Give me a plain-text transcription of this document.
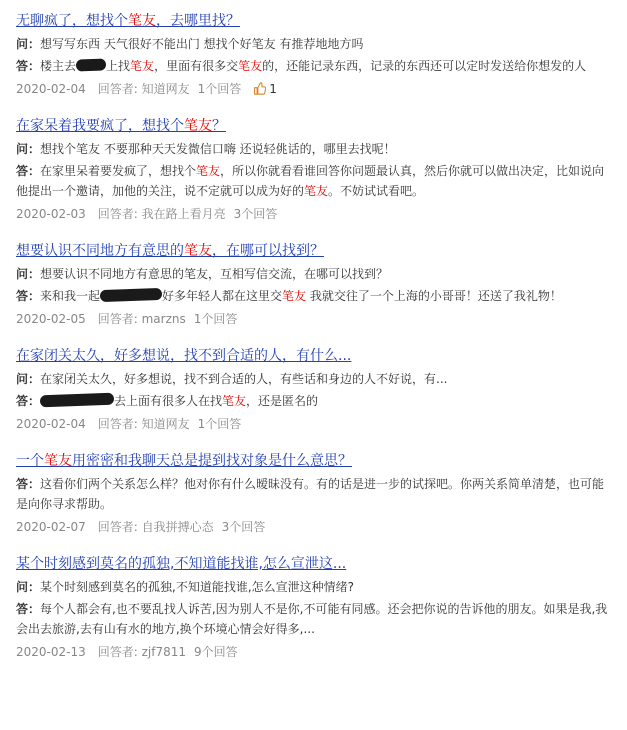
无聊疯了，想找个笔友，去哪里找？
问：想写写东西 天气很好不能出门 想找个好笔友 有推荐地地方吗
答：楼主去	上找笔友，里面有很多交笔友的，还能记录东西，记录的东西还可以定时发送给你想发的人
2020-02-04 回答者: 知道网友 1个回答 1
在家呆着我要疯了，想找个笔友？
问：想找个笔友 不要那种天天发微信口嗨 还说轻佻话的，哪里去找呢！
答：在家里呆着要发疯了，想找个笔友，所以你就看看谁回答你问题最认真，然后你就可以做出决定，比如说向他提出一个邀请，加他的关注，说不定就可以成为好的笔友。不妨试试看吧。
2020-02-03 回答者: 我在路上看月亮 3个回答
想要认识不同地方有意思的笔友，在哪可以找到？
问：想要认识不同地方有意思的笔友，互相写信交流，在哪可以找到？
答：来和我一起	好多年轻人都在这里交笔友 我就交往了一个上海的小哥哥！还送了我礼物！
2020-02-05 回答者: marzns 1个回答
在家闭关太久，好多想说，找不到合适的人，有什么...
问：在家闭关太久，好多想说，找不到合适的人，有些话和身边的人不好说，有...
答：	去上面有很多人在找笔友，还是匿名的
2020-02-04 回答者: 知道网友 1个回答
一个笔友用密密和我聊天总是提到找对象是什么意思？
答：这看你们两个关系怎么样？他对你有什么暧昧没有。有的话是进一步的试探吧。你两关系简单清楚，也可能是向你寻求帮助。
2020-02-07 回答者: 自我拼搏心态 3个回答
某个时刻感到莫名的孤独,不知道能找谁,怎么宣泄这...
问：某个时刻感到莫名的孤独,不知道能找谁,怎么宣泄这种情绪?
答：每个人都会有,也不要乱找人诉苦,因为别人不是你,不可能有同感。还会把你说的告诉他的朋友。如果是我,我会出去旅游,去有山有水的地方,换个环境心情会好得多,...
2020-02-13 回答者: zjf7811 9个回答
